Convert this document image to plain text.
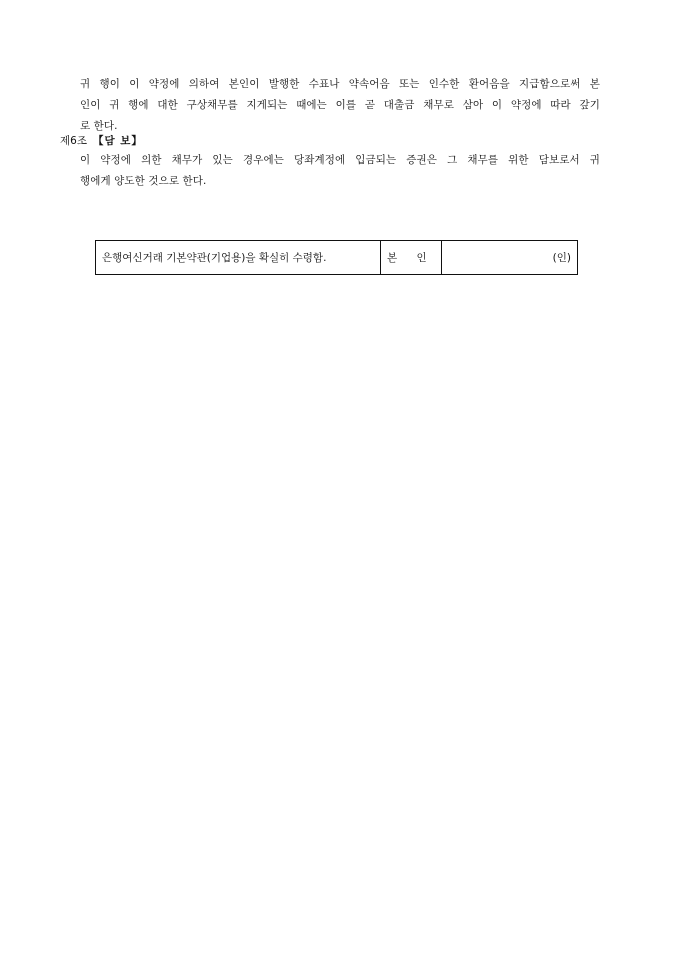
귀 행이 이 약정에 의하여 본인이 발행한 수표나 약속어음 또는 인수한 환어음을 지급함으로써 본
인이 귀 행에 대한 구상채무를 지게되는 때에는 이를 곧 대출금 채무로 삼아 이 약정에 따라 갚기
로 한다.
제6조 【담 보】
이 약정에 의한 채무가 있는 경우에는 당좌계정에 입금되는 증권은 그 채무를 위한 담보로서 귀
행에게 양도한 것으로 한다.
은행여신거래 기본약관(기업용)을 확실히 수령함.	본 인	(인)
